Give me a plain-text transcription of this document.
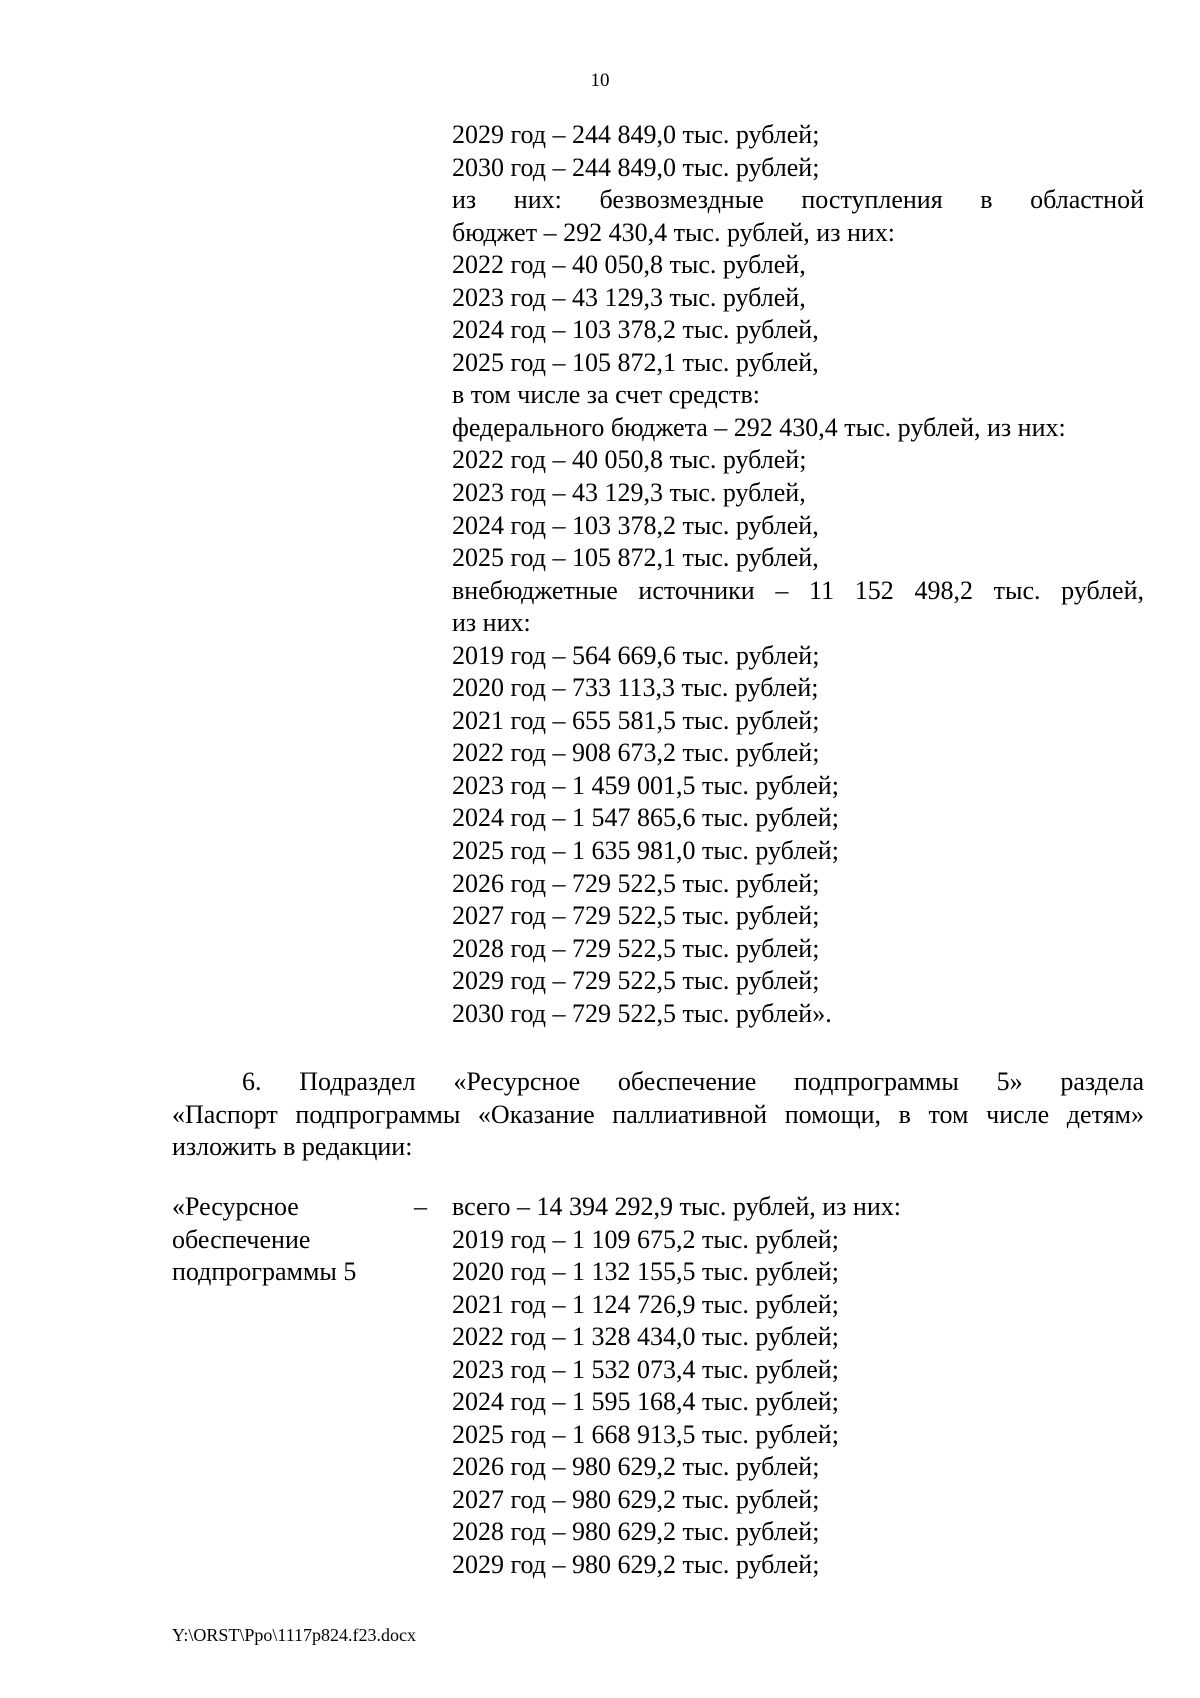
10
2029 год – 244 849,0 тыс. рублей;
2030 год – 244 849,0 тыс. рублей;
из них: безвозмездные поступления в областной
бюджет – 292 430,4 тыс. рублей, из них:
2022 год – 40 050,8 тыс. рублей,
2023 год – 43 129,3 тыс. рублей,
2024 год – 103 378,2 тыс. рублей,
2025 год – 105 872,1 тыс. рублей,
в том числе за счет средств:
федерального бюджета – 292 430,4 тыс. рублей, из них:
2022 год – 40 050,8 тыс. рублей;
2023 год – 43 129,3 тыс. рублей,
2024 год – 103 378,2 тыс. рублей,
2025 год – 105 872,1 тыс. рублей,
внебюджетные источники – 11 152 498,2 тыс. рублей,
из них:
2019 год – 564 669,6 тыс. рублей;
2020 год – 733 113,3 тыс. рублей;
2021 год – 655 581,5 тыс. рублей;
2022 год – 908 673,2 тыс. рублей;
2023 год – 1 459 001,5 тыс. рублей;
2024 год – 1 547 865,6 тыс. рублей;
2025 год – 1 635 981,0 тыс. рублей;
2026 год – 729 522,5 тыс. рублей;
2027 год – 729 522,5 тыс. рублей;
2028 год – 729 522,5 тыс. рублей;
2029 год – 729 522,5 тыс. рублей;
2030 год – 729 522,5 тыс. рублей».
6. Подраздел «Ресурсное обеспечение подпрограммы 5» раздела
«Паспорт подпрограммы «Оказание паллиативной помощи, в том числе детям»
изложить в редакции:
«Ресурсное
обеспечение
подпрограммы 5
– всего – 14 394 292,9 тыс. рублей, из них:
2019 год – 1 109 675,2 тыс. рублей;
2020 год – 1 132 155,5 тыс. рублей;
2021 год – 1 124 726,9 тыс. рублей;
2022 год – 1 328 434,0 тыс. рублей;
2023 год – 1 532 073,4 тыс. рублей;
2024 год – 1 595 168,4 тыс. рублей;
2025 год – 1 668 913,5 тыс. рублей;
2026 год – 980 629,2 тыс. рублей;
2027 год – 980 629,2 тыс. рублей;
2028 год – 980 629,2 тыс. рублей;
2029 год – 980 629,2 тыс. рублей;
Y:\ORST\Ppo\1117p824.f23.docx
